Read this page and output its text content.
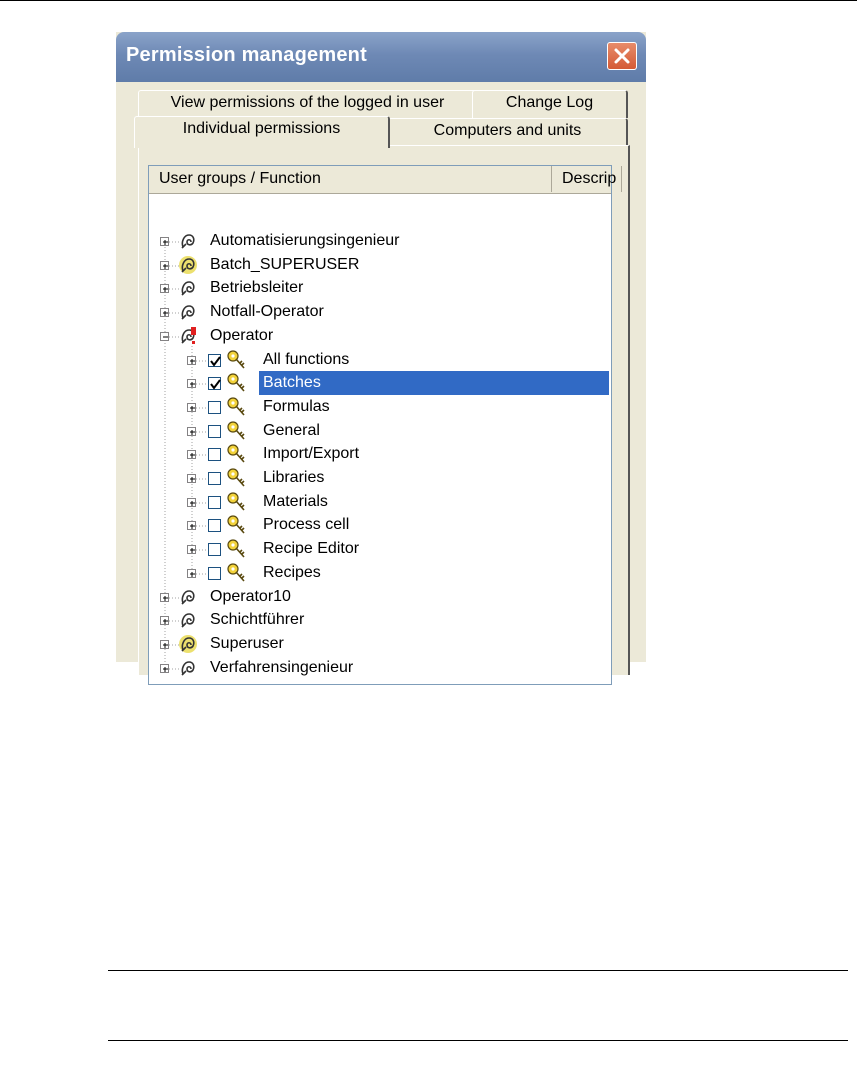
Permission management
View permissions of the logged in user	Change Log
Individual permissions	Computers and units
User groups / Function	Descrip
Automatisierungsingenieur
Batch_SUPERUSER
Betriebsleiter
Notfall-Operator
Operator
All functions
Batches
Formulas
General
Import/Export
Libraries
Materials
Process cell
Recipe Editor
Recipes
Operator10
Schichtführer
Superuser
Verfahrensingenieur
